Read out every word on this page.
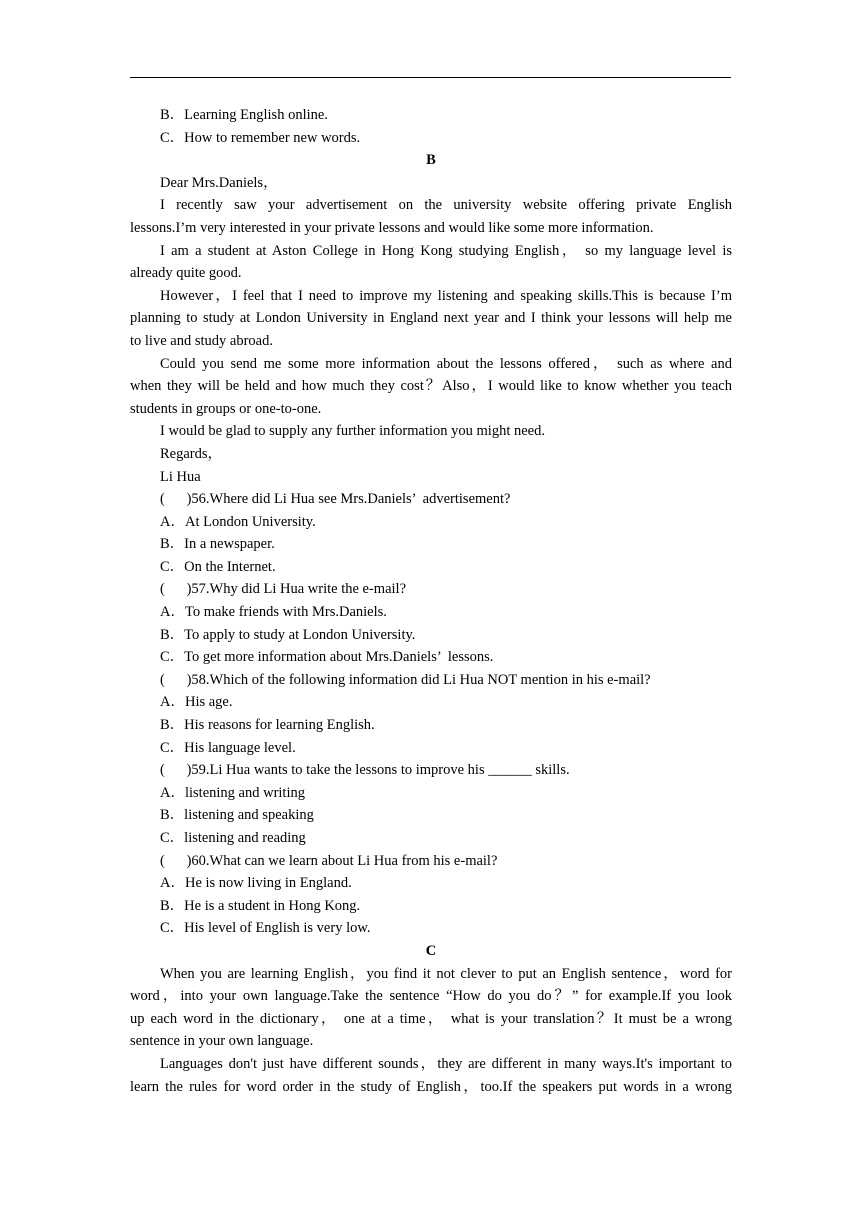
B．Learning English online.
C．How to remember new words.
B
Dear Mrs.Daniels，
I recently saw your advertisement on the university website offering private English
lessons.I’m very interested in your private lessons and would like some more information.
I am a student at Aston College in Hong Kong studying English， so my language level is
already quite good.
However，I feel that I need to improve my listening and speaking skills.This is because I’m
planning to study at London University in England next year and I think your lessons will help me
to live and study abroad.
Could you send me some more information about the lessons offered， such as where and
when they will be held and how much they cost？Also，I would like to know whether you teach
students in groups or one-to-one.
I would be glad to supply any further information you might need.
Regards，
Li Hua
(      )56.Where did Li Hua see Mrs.Daniels’  advertisement?
A．At London University.
B．In a newspaper.
C．On the Internet.
(      )57.Why did Li Hua write the e-mail?
A．To make friends with Mrs.Daniels.
B．To apply to study at London University.
C．To get more information about Mrs.Daniels’  lessons.
(      )58.Which of the following information did Li Hua NOT mention in his e-mail?
A．His age.
B．His reasons for learning English.
C．His language level.
(      )59.Li Hua wants to take the lessons to improve his ______ skills.
A．listening and writing
B．listening and speaking
C．listening and reading
(      )60.What can we learn about Li Hua from his e-mail?
A．He is now living in England.
B．He is a student in Hong Kong.
C．His level of English is very low.
C
When you are learning English，you find it not clever to put an English sentence，word for
word，into your own language.Take the sentence “How do you do？” for example.If you look
up each word in the dictionary， one at a time， what is your translation？It must be a wrong
sentence in your own language.
Languages don't just have different sounds，they are different in many ways.It's important to
learn the rules for word order in the study of English，too.If the speakers put words in a wrong
